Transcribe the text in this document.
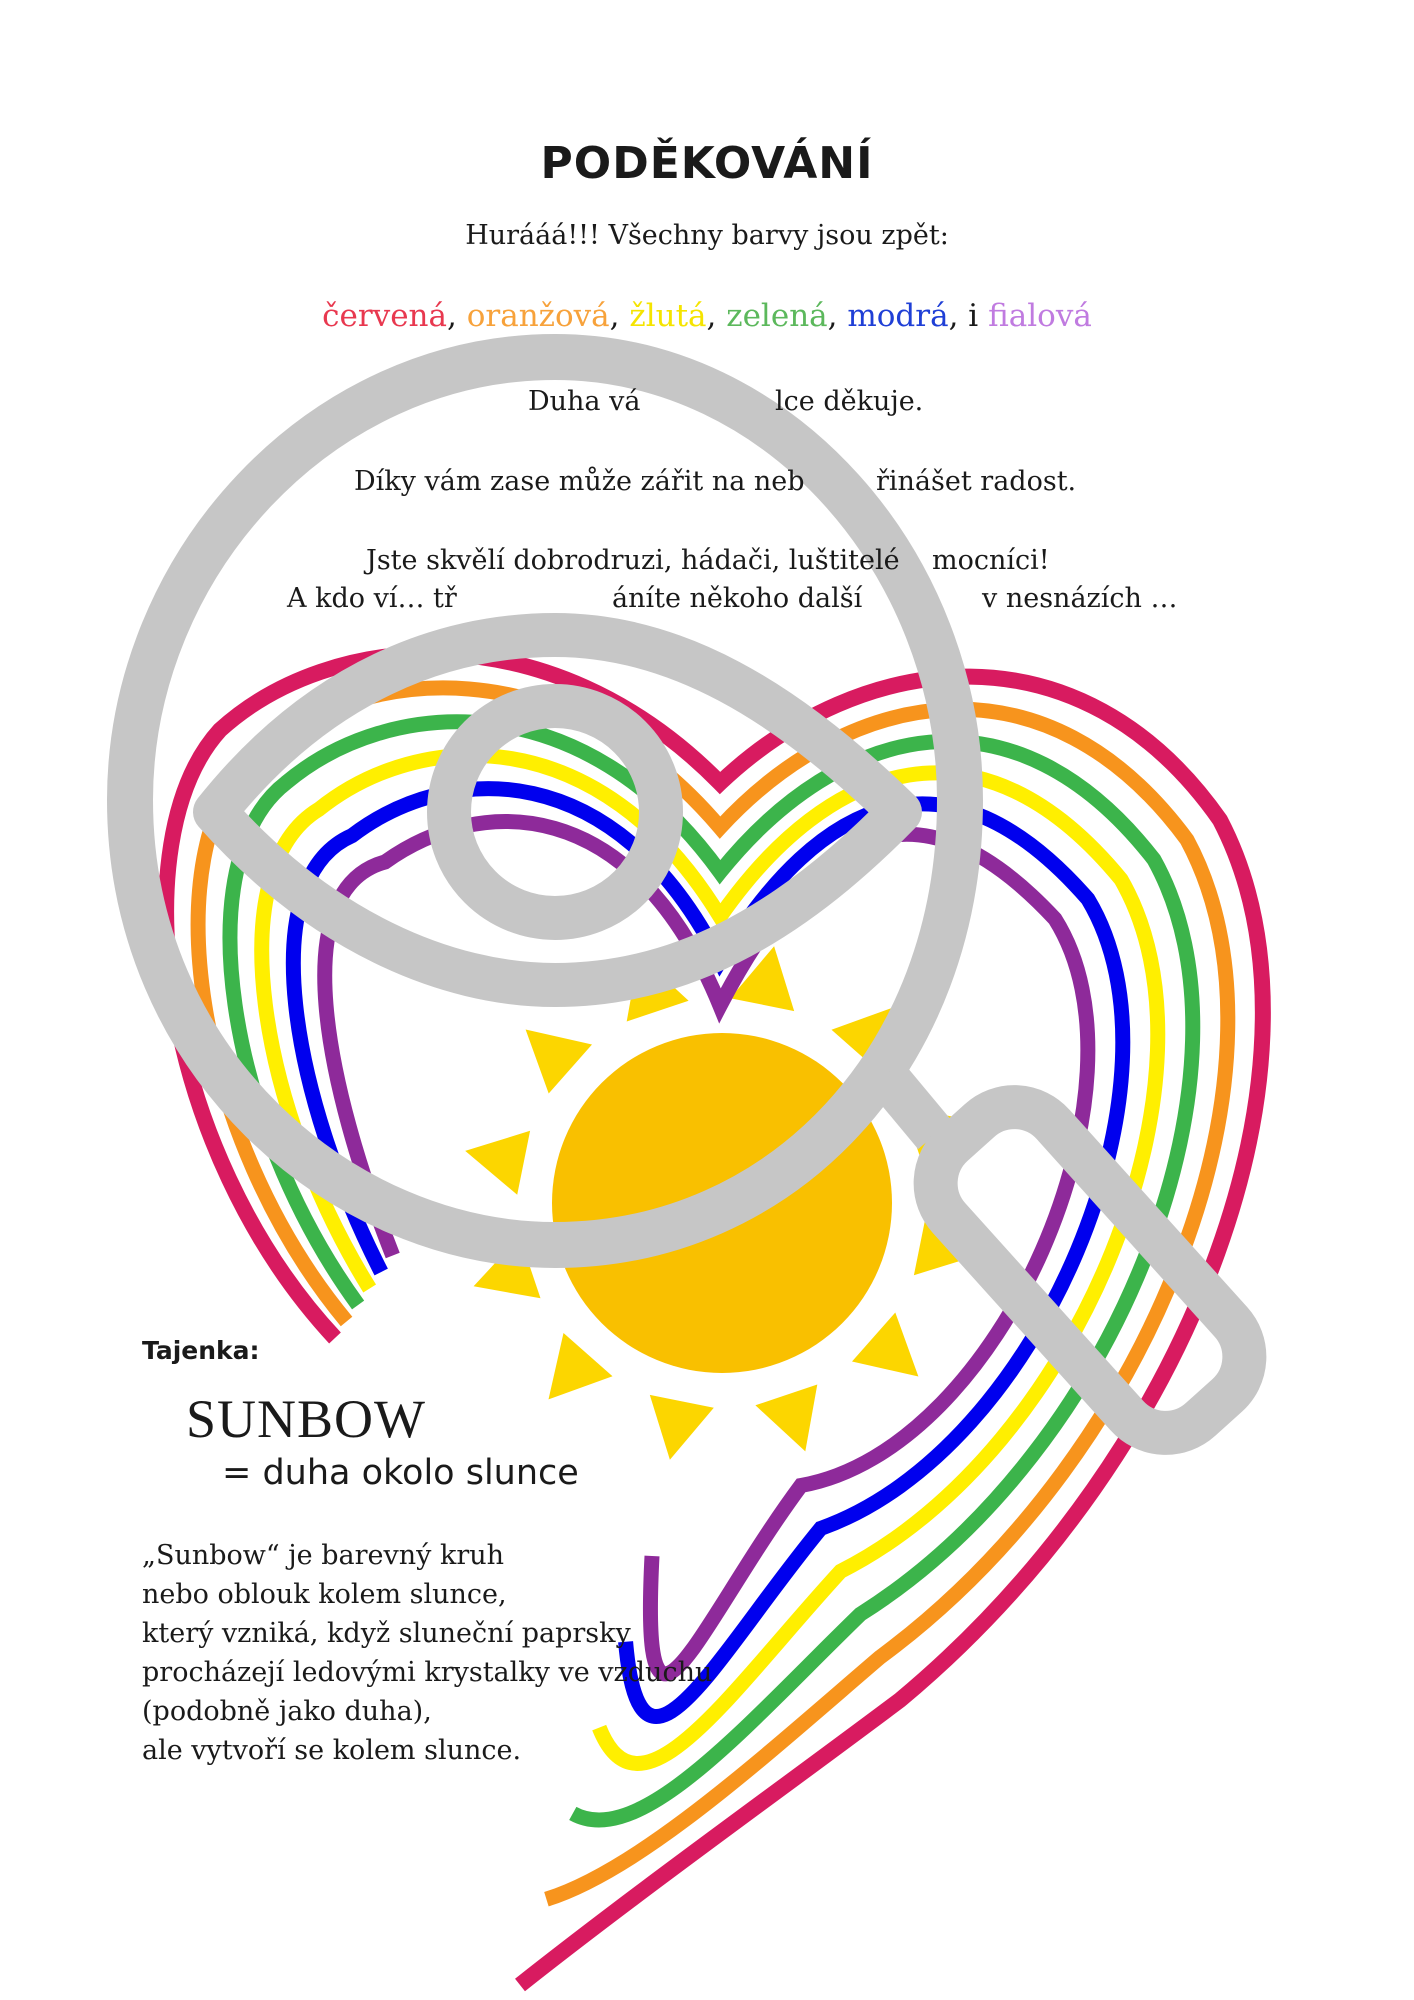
PODĚKOVÁNÍ
Hurááá!!! Všechny barvy jsou zpět:
červená, oranžová, žlutá, zelená, modrá, i fialová
Duha vá	lce děkuje.
Díky vám zase může zářit na neb	řinášet radost.
Jste skvělí dobrodruzi, hádači, luštitelé mocníci!
A kdo ví… tř	áníte někoho další	v nesnázích …
Tajenka:
SUNBOW
= duha okolo slunce
„Sunbow“ je barevný kruh
nebo oblouk kolem slunce,
který vzniká, když sluneční paprsky
procházejí ledovými krystalky ve vzduchu
(podobně jako duha),
ale vytvoří se kolem slunce.
